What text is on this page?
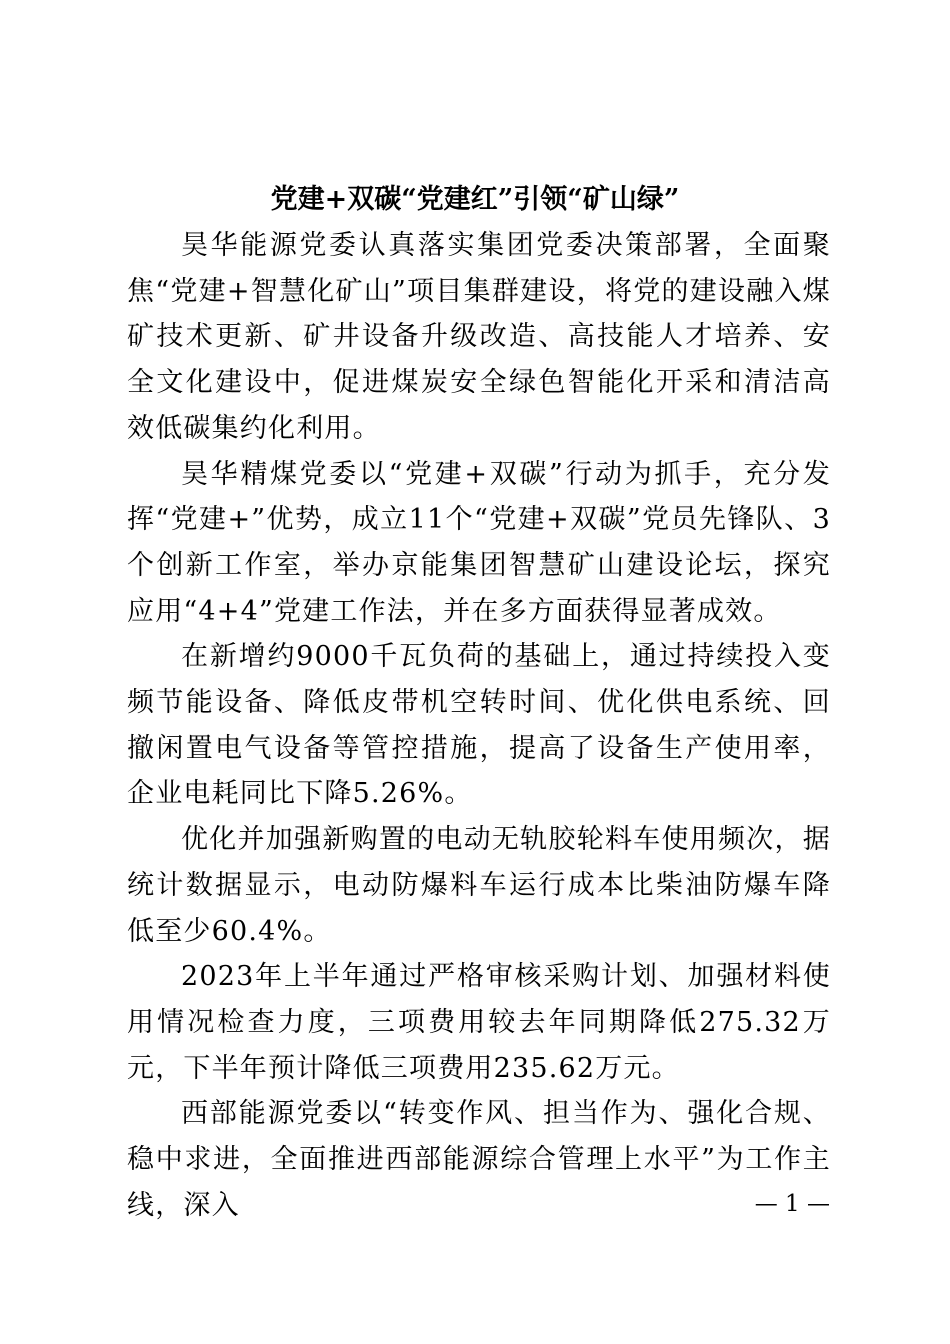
党建+双碳“党建红”引领“矿山绿”

昊华能源党委认真落实集团党委决策部署，全面聚焦“党建+智慧化矿山”项目集群建设，将党的建设融入煤矿技术更新、矿井设备升级改造、高技能人才培养、安全文化建设中，促进煤炭安全绿色智能化开采和清洁高效低碳集约化利用。

昊华精煤党委以“党建+双碳”行动为抓手，充分发挥“党建+”优势，成立11个“党建+双碳”党员先锋队、3个创新工作室，举办京能集团智慧矿山建设论坛，探究应用“4+4”党建工作法，并在多方面获得显著成效。

在新增约9000千瓦负荷的基础上，通过持续投入变频节能设备、降低皮带机空转时间、优化供电系统、回撤闲置电气设备等管控措施，提高了设备生产使用率，企业电耗同比下降5.26%。

优化并加强新购置的电动无轨胶轮料车使用频次，据统计数据显示，电动防爆料车运行成本比柴油防爆车降低至少60.4%。

2023年上半年通过严格审核采购计划、加强材料使用情况检查力度，三项费用较去年同期降低275.32万元，下半年预计降低三项费用235.62万元。

西部能源党委以“转变作风、担当作为、强化合规、稳中求进，全面推进西部能源综合管理上水平”为工作主线，深入	— 1 —
